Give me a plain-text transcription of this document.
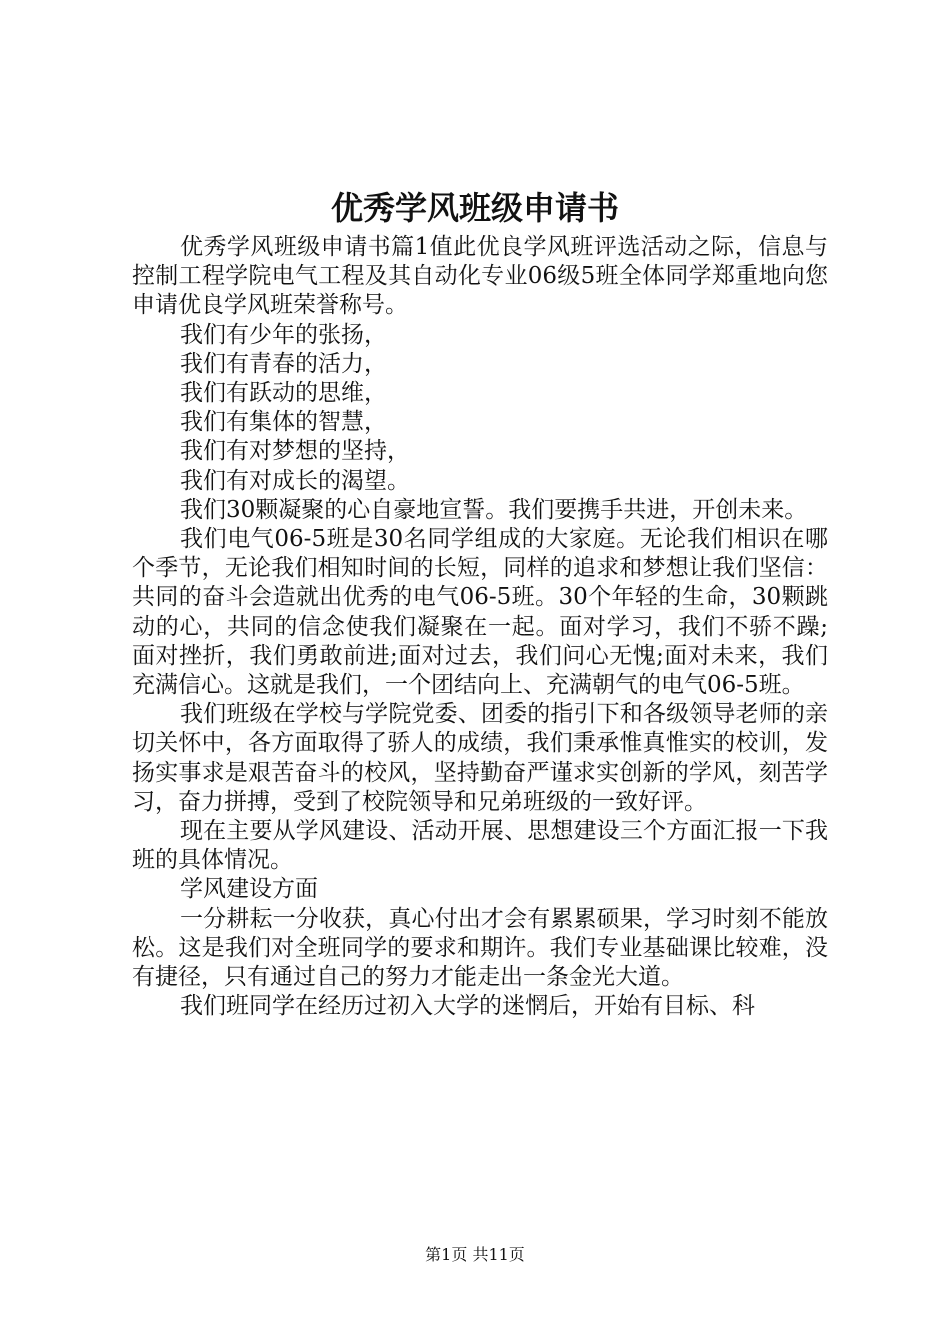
优秀学风班级申请书

优秀学风班级申请书篇1值此优良学风班评选活动之际，信息与控制工程学院电气工程及其自动化专业06级5班全体同学郑重地向您申请优良学风班荣誉称号。

我们有少年的张扬，

我们有青春的活力，

我们有跃动的思维，

我们有集体的智慧，

我们有对梦想的坚持，

我们有对成长的渴望。

我们30颗凝聚的心自豪地宣誓。我们要携手共进，开创未来。

我们电气06-5班是30名同学组成的大家庭。无论我们相识在哪个季节，无论我们相知时间的长短，同样的追求和梦想让我们坚信：共同的奋斗会造就出优秀的电气06-5班。30个年轻的生命，30颗跳动的心，共同的信念使我们凝聚在一起。面对学习，我们不骄不躁;面对挫折，我们勇敢前进;面对过去，我们问心无愧;面对未来，我们充满信心。这就是我们，一个团结向上、充满朝气的电气06-5班。

我们班级在学校与学院党委、团委的指引下和各级领导老师的亲切关怀中，各方面取得了骄人的成绩，我们秉承惟真惟实的校训，发扬实事求是艰苦奋斗的校风，坚持勤奋严谨求实创新的学风，刻苦学习，奋力拼搏，受到了校院领导和兄弟班级的一致好评。

现在主要从学风建设、活动开展、思想建设三个方面汇报一下我班的具体情况。

学风建设方面

一分耕耘一分收获，真心付出才会有累累硕果，学习时刻不能放松。这是我们对全班同学的要求和期许。我们专业基础课比较难，没有捷径，只有通过自己的努力才能走出一条金光大道。

我们班同学在经历过初入大学的迷惘后，开始有目标、科

第1页 共11页
